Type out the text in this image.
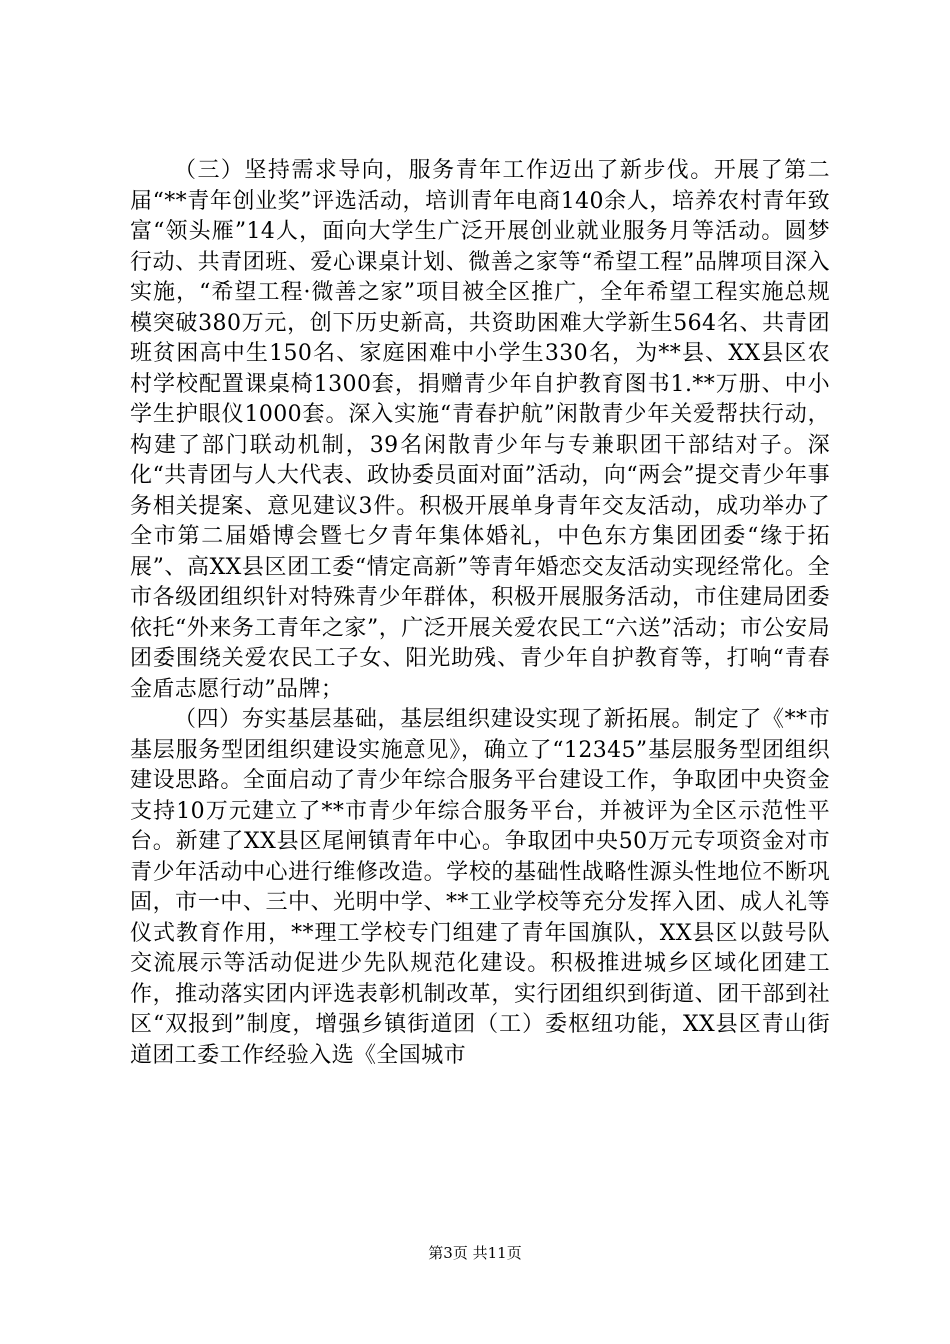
（三）坚持需求导向，服务青年工作迈出了新步伐。开展了第二届“**青年创业奖”评选活动，培训青年电商140余人，培养农村青年致富“领头雁”14人，面向大学生广泛开展创业就业服务月等活动。圆梦行动、共青团班、爱心课桌计划、微善之家等“希望工程”品牌项目深入实施，“希望工程·微善之家”项目被全区推广，全年希望工程实施总规模突破380万元，创下历史新高，共资助困难大学新生564名、共青团班贫困高中生150名、家庭困难中小学生330名，为**县、XX县区农村学校配置课桌椅1300套，捐赠青少年自护教育图书1.**万册、中小学生护眼仪1000套。深入实施“青春护航”闲散青少年关爱帮扶行动，构建了部门联动机制，39名闲散青少年与专兼职团干部结对子。深化“共青团与人大代表、政协委员面对面”活动，向“两会”提交青少年事务相关提案、意见建议3件。积极开展单身青年交友活动，成功举办了全市第二届婚博会暨七夕青年集体婚礼，中色东方集团团委“缘于拓展”、高XX县区团工委“情定高新”等青年婚恋交友活动实现经常化。全市各级团组织针对特殊青少年群体，积极开展服务活动，市住建局团委依托“外来务工青年之家”，广泛开展关爱农民工“六送”活动；市公安局团委围绕关爱农民工子女、阳光助残、青少年自护教育等，打响“青春金盾志愿行动”品牌；

（四）夯实基层基础，基层组织建设实现了新拓展。制定了《**市基层服务型团组织建设实施意见》，确立了“12345”基层服务型团组织建设思路。全面启动了青少年综合服务平台建设工作，争取团中央资金支持10万元建立了**市青少年综合服务平台，并被评为全区示范性平台。新建了XX县区尾闸镇青年中心。争取团中央50万元专项资金对市青少年活动中心进行维修改造。学校的基础性战略性源头性地位不断巩固，市一中、三中、光明中学、**工业学校等充分发挥入团、成人礼等仪式教育作用，**理工学校专门组建了青年国旗队，XX县区以鼓号队交流展示等活动促进少先队规范化建设。积极推进城乡区域化团建工作，推动落实团内评选表彰机制改革，实行团组织到街道、团干部到社区“双报到”制度，增强乡镇街道团（工）委枢纽功能，XX县区青山街道团工委工作经验入选《全国城市

第3页 共11页
